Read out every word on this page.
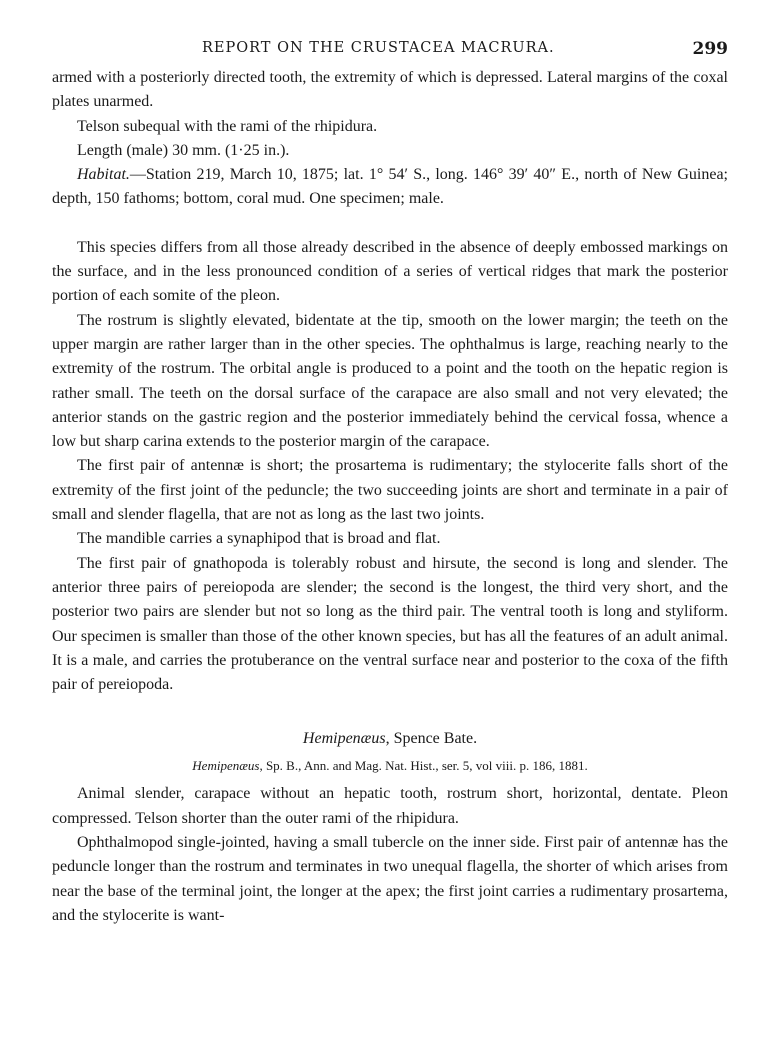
REPORT ON THE CRUSTACEA MACRURA.	299

armed with a posteriorly directed tooth, the extremity of which is depressed. Lateral margins of the coxal plates unarmed.

Telson subequal with the rami of the rhipidura.

Length (male) 30 mm. (1·25 in.).

Habitat.—Station 219, March 10, 1875; lat. 1° 54′ S., long. 146° 39′ 40″ E., north of New Guinea; depth, 150 fathoms; bottom, coral mud. One specimen; male.

This species differs from all those already described in the absence of deeply embossed markings on the surface, and in the less pronounced condition of a series of vertical ridges that mark the posterior portion of each somite of the pleon.

The rostrum is slightly elevated, bidentate at the tip, smooth on the lower margin; the teeth on the upper margin are rather larger than in the other species. The ophthalmus is large, reaching nearly to the extremity of the rostrum. The orbital angle is produced to a point and the tooth on the hepatic region is rather small. The teeth on the dorsal surface of the carapace are also small and not very elevated; the anterior stands on the gastric region and the posterior immediately behind the cervical fossa, whence a low but sharp carina extends to the posterior margin of the carapace.

The first pair of antennæ is short; the prosartema is rudimentary; the stylocerite falls short of the extremity of the first joint of the peduncle; the two succeeding joints are short and terminate in a pair of small and slender flagella, that are not as long as the last two joints.

The mandible carries a synaphipod that is broad and flat.

The first pair of gnathopoda is tolerably robust and hirsute, the second is long and slender. The anterior three pairs of pereiopoda are slender; the second is the longest, the third very short, and the posterior two pairs are slender but not so long as the third pair. The ventral tooth is long and styliform. Our specimen is smaller than those of the other known species, but has all the features of an adult animal. It is a male, and carries the protuberance on the ventral surface near and posterior to the coxa of the fifth pair of pereiopoda.

Hemipenæus, Spence Bate.
Hemipenæus, Sp. B., Ann. and Mag. Nat. Hist., ser. 5, vol viii. p. 186, 1881.

Animal slender, carapace without an hepatic tooth, rostrum short, horizontal, dentate. Pleon compressed. Telson shorter than the outer rami of the rhipidura.

Ophthalmopod single-jointed, having a small tubercle on the inner side. First pair of antennæ has the peduncle longer than the rostrum and terminates in two unequal flagella, the shorter of which arises from near the base of the terminal joint, the longer at the apex; the first joint carries a rudimentary prosartema, and the stylocerite is want-
